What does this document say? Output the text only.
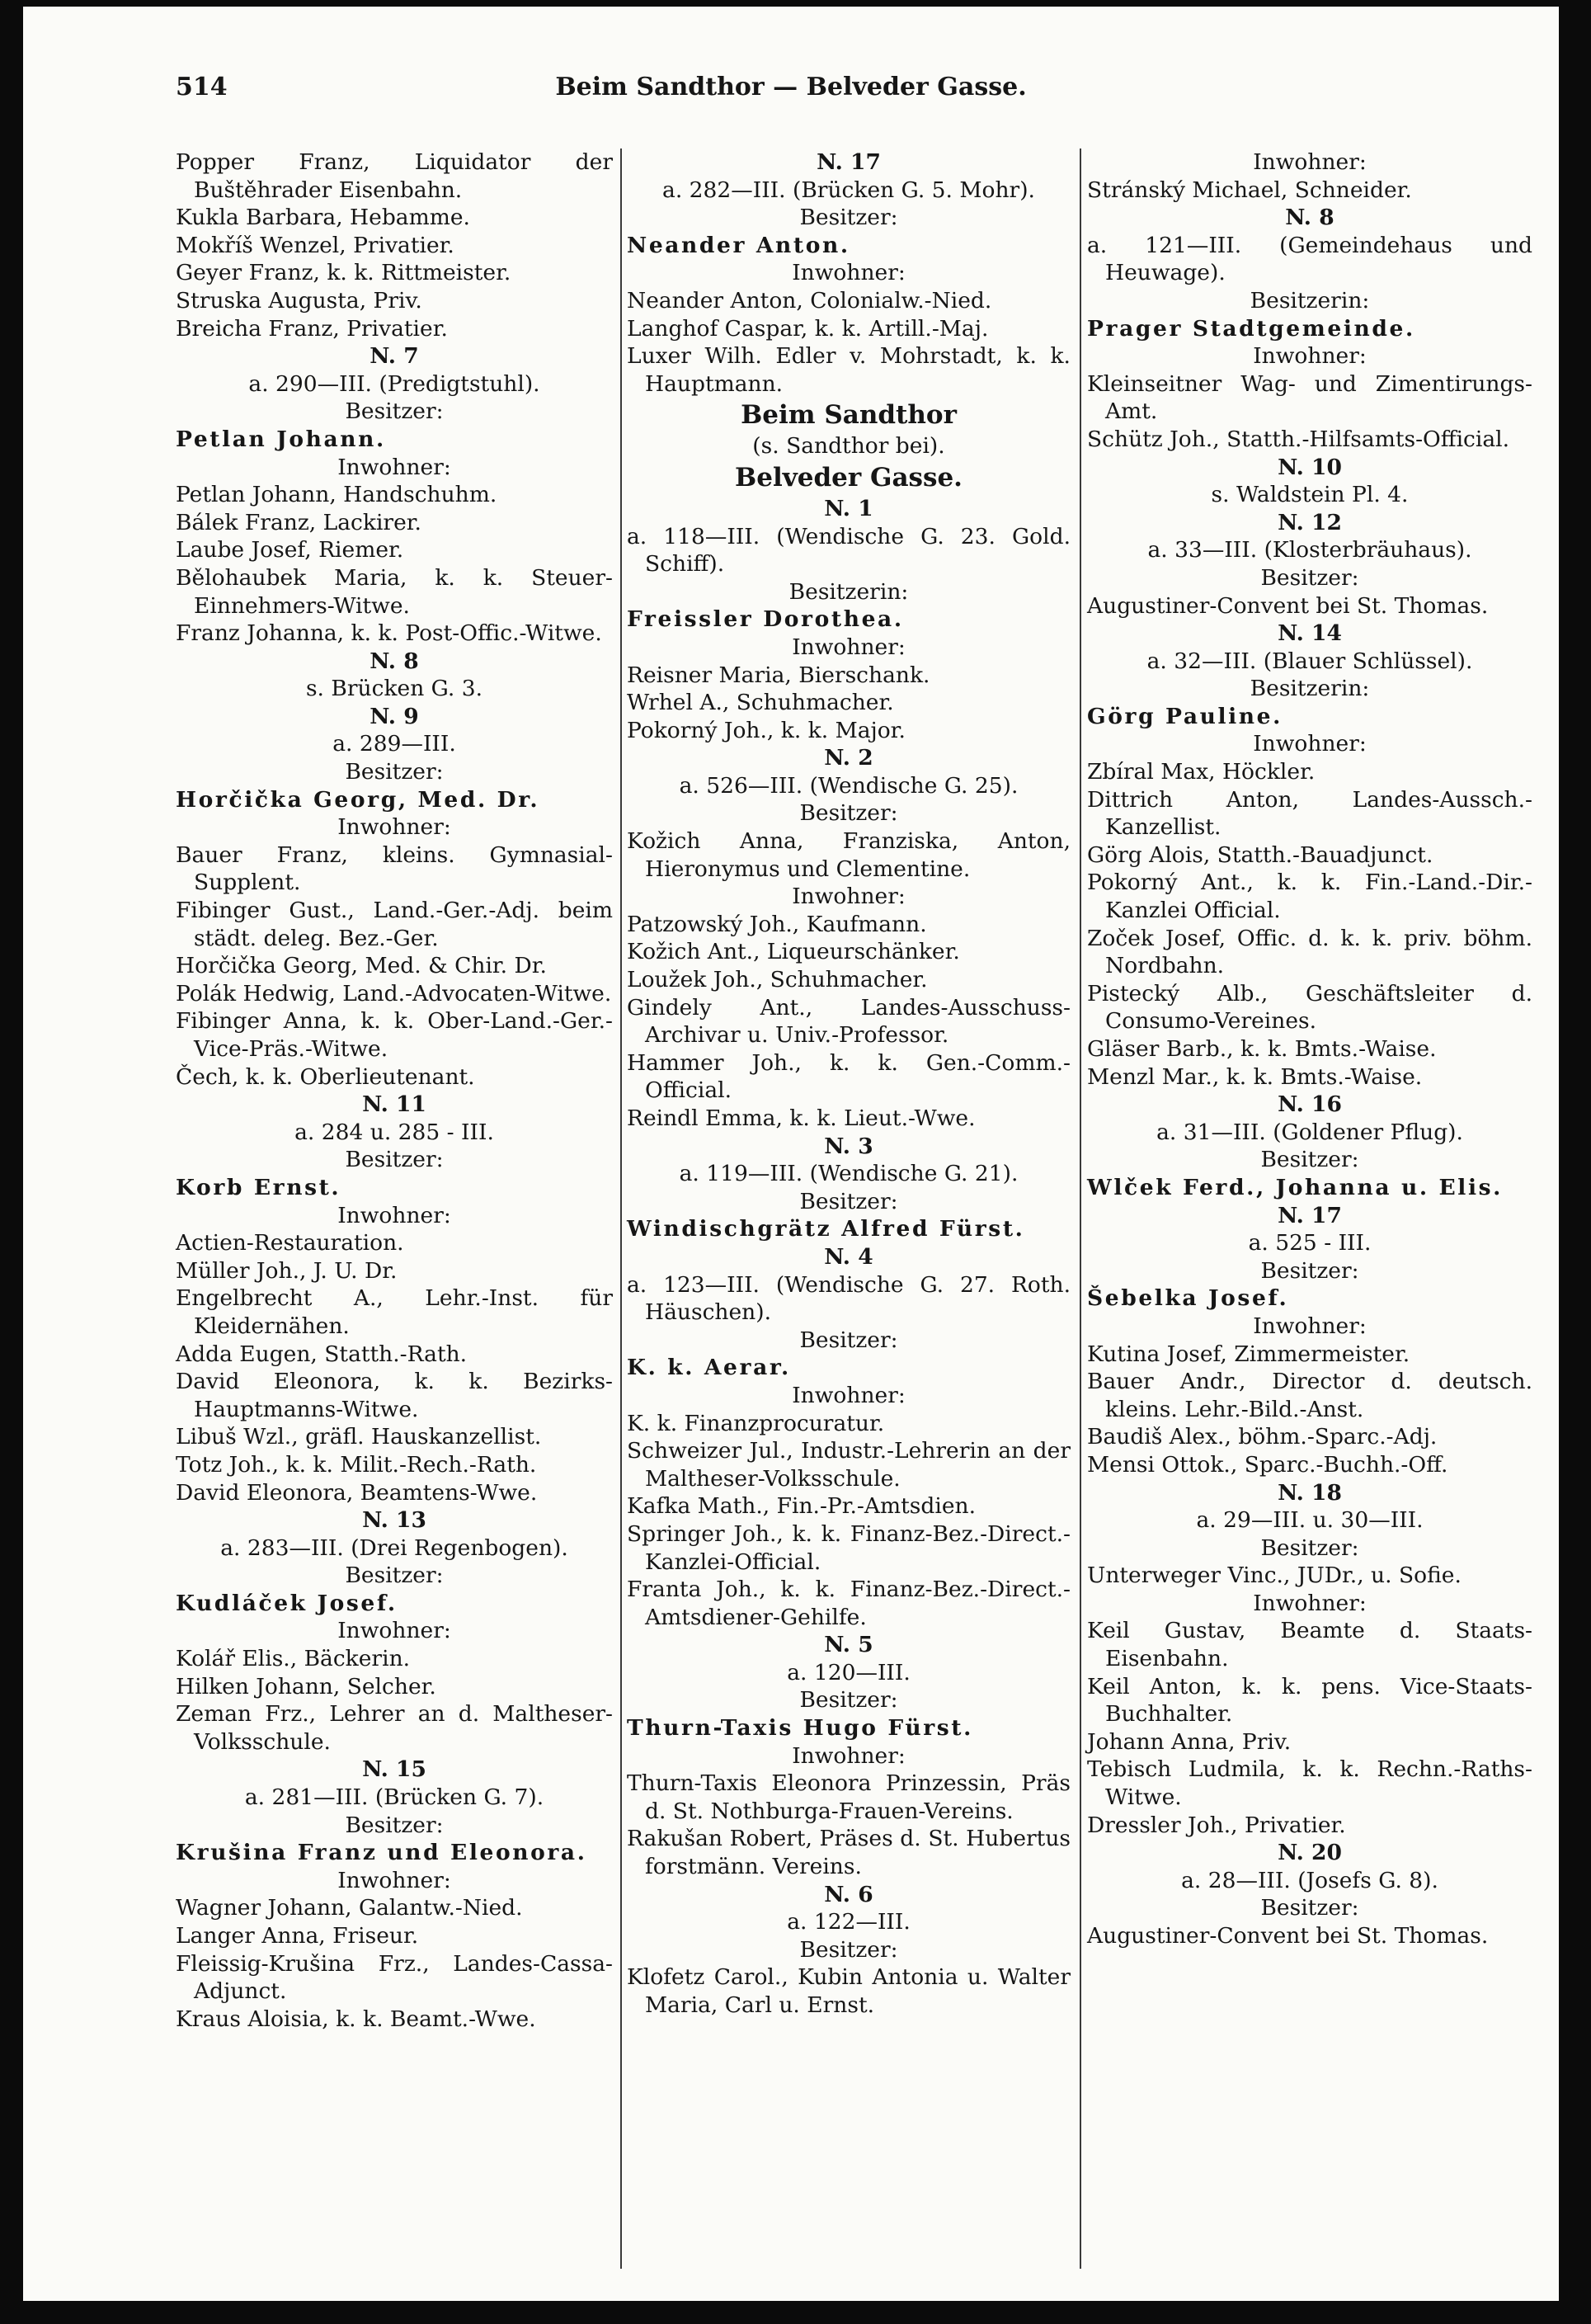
Beim Sandthor — Belveder Gasse.
514
Popper Franz, Liquidator der Buštěhrader Eisenbahn.
Kukla Barbara, Hebamme.
Mokříš Wenzel, Privatier.
Geyer Franz, k. k. Rittmeister.
Struska Augusta, Priv.
Breicha Franz, Privatier.
N. 7
a. 290—III. (Predigtstuhl).
Besitzer:
Petlan Johann.
Inwohner:
Petlan Johann, Handschuhm.
Bálek Franz, Lackirer.
Laube Josef, Riemer.
Bělohaubek Maria, k. k. Steuer-Einnehmers-Witwe.
Franz Johanna, k. k. Post-Offic.-Witwe.
N. 8
s. Brücken G. 3.
N. 9
a. 289—III.
Besitzer:
Horčička Georg, Med. Dr.
Inwohner:
Bauer Franz, kleins. Gymnasial-Supplent.
Fibinger Gust., Land.-Ger.-Adj. beim städt. deleg. Bez.-Ger.
Horčička Georg, Med. & Chir. Dr.
Polák Hedwig, Land.-Advocaten-Witwe.
Fibinger Anna, k. k. Ober-Land.-Ger.-Vice-Präs.-Witwe.
Čech, k. k. Oberlieutenant.
N. 11
a. 284 u. 285 - III.
Besitzer:
Korb Ernst.
Inwohner:
Actien-Restauration.
Müller Joh., J. U. Dr.
Engelbrecht A., Lehr.-Inst. für Kleidernähen.
Adda Eugen, Statth.-Rath.
David Eleonora, k. k. Bezirks-Hauptmanns-Witwe.
Libuš Wzl., gräfl. Hauskanzellist.
Totz Joh., k. k. Milit.-Rech.-Rath.
David Eleonora, Beamtens-Wwe.
N. 13
a. 283—III. (Drei Regenbogen).
Besitzer:
Kudláček Josef.
Inwohner:
Kolář Elis., Bäckerin.
Hilken Johann, Selcher.
Zeman Frz., Lehrer an d. Maltheser-Volksschule.
N. 15
a. 281—III. (Brücken G. 7).
Besitzer:
Krušina Franz und Eleonora.
Inwohner:
Wagner Johann, Galantw.-Nied.
Langer Anna, Friseur.
Fleissig-Krušina Frz., Landes-Cassa-Adjunct.
Kraus Aloisia, k. k. Beamt.-Wwe.
N. 17
a. 282—III. (Brücken G. 5. Mohr).
Besitzer:
Neander Anton.
Inwohner:
Neander Anton, Colonialw.-Nied.
Langhof Caspar, k. k. Artill.-Maj.
Luxer Wilh. Edler v. Mohrstadt, k. k. Hauptmann.
Beim Sandthor
(s. Sandthor bei).
Belveder Gasse.
N. 1
a. 118—III. (Wendische G. 23. Gold. Schiff).
Besitzerin:
Freissler Dorothea.
Inwohner:
Reisner Maria, Bierschank.
Wrhel A., Schuhmacher.
Pokorný Joh., k. k. Major.
N. 2
a. 526—III. (Wendische G. 25).
Besitzer:
Kožich Anna, Franziska, Anton, Hieronymus und Clementine.
Inwohner:
Patzowský Joh., Kaufmann.
Kožich Ant., Liqueurschänker.
Loužek Joh., Schuhmacher.
Gindely Ant., Landes-Ausschuss-Archivar u. Univ.-Professor.
Hammer Joh., k. k. Gen.-Comm.-Official.
Reindl Emma, k. k. Lieut.-Wwe.
N. 3
a. 119—III. (Wendische G. 21).
Besitzer:
Windischgrätz Alfred Fürst.
N. 4
a. 123—III. (Wendische G. 27. Roth. Häuschen).
Besitzer:
K. k. Aerar.
Inwohner:
K. k. Finanzprocuratur.
Schweizer Jul., Industr.-Lehrerin an der Maltheser-Volksschule.
Kafka Math., Fin.-Pr.-Amtsdien.
Springer Joh., k. k. Finanz-Bez.-Direct.-Kanzlei-Official.
Franta Joh., k. k. Finanz-Bez.-Direct.-Amtsdiener-Gehilfe.
N. 5
a. 120—III.
Besitzer:
Thurn-Taxis Hugo Fürst.
Inwohner:
Thurn-Taxis Eleonora Prinzessin, Präs d. St. Nothburga-Frauen-Vereins.
Rakušan Robert, Präses d. St. Hubertus forstmänn. Vereins.
N. 6
a. 122—III.
Besitzer:
Klofetz Carol., Kubin Antonia u. Walter Maria, Carl u. Ernst.
Inwohner:
Stránský Michael, Schneider.
N. 8
a. 121—III. (Gemeindehaus und Heuwage).
Besitzerin:
Prager Stadtgemeinde.
Inwohner:
Kleinseitner Wag- und Zimentirungs-Amt.
Schütz Joh., Statth.-Hilfsamts-Official.
N. 10
s. Waldstein Pl. 4.
N. 12
a. 33—III. (Klosterbräuhaus).
Besitzer:
Augustiner-Convent bei St. Thomas.
N. 14
a. 32—III. (Blauer Schlüssel).
Besitzerin:
Görg Pauline.
Inwohner:
Zbíral Max, Höckler.
Dittrich Anton, Landes-Aussch.-Kanzellist.
Görg Alois, Statth.-Bauadjunct.
Pokorný Ant., k. k. Fin.-Land.-Dir.-Kanzlei Official.
Zoček Josef, Offic. d. k. k. priv. böhm. Nordbahn.
Pistecký Alb., Geschäftsleiter d. Consumo-Vereines.
Gläser Barb., k. k. Bmts.-Waise.
Menzl Mar., k. k. Bmts.-Waise.
N. 16
a. 31—III. (Goldener Pflug).
Besitzer:
Wlček Ferd., Johanna u. Elis.
N. 17
a. 525 - III.
Besitzer:
Šebelka Josef.
Inwohner:
Kutina Josef, Zimmermeister.
Bauer Andr., Director d. deutsch. kleins. Lehr.-Bild.-Anst.
Baudiš Alex., böhm.-Sparc.-Adj.
Mensi Ottok., Sparc.-Buchh.-Off.
N. 18
a. 29—III. u. 30—III.
Besitzer:
Unterweger Vinc., JUDr., u. Sofie.
Inwohner:
Keil Gustav, Beamte d. Staats-Eisenbahn.
Keil Anton, k. k. pens. Vice-Staats-Buchhalter.
Johann Anna, Priv.
Tebisch Ludmila, k. k. Rechn.-Raths-Witwe.
Dressler Joh., Privatier.
N. 20
a. 28—III. (Josefs G. 8).
Besitzer:
Augustiner-Convent bei St. Thomas.
